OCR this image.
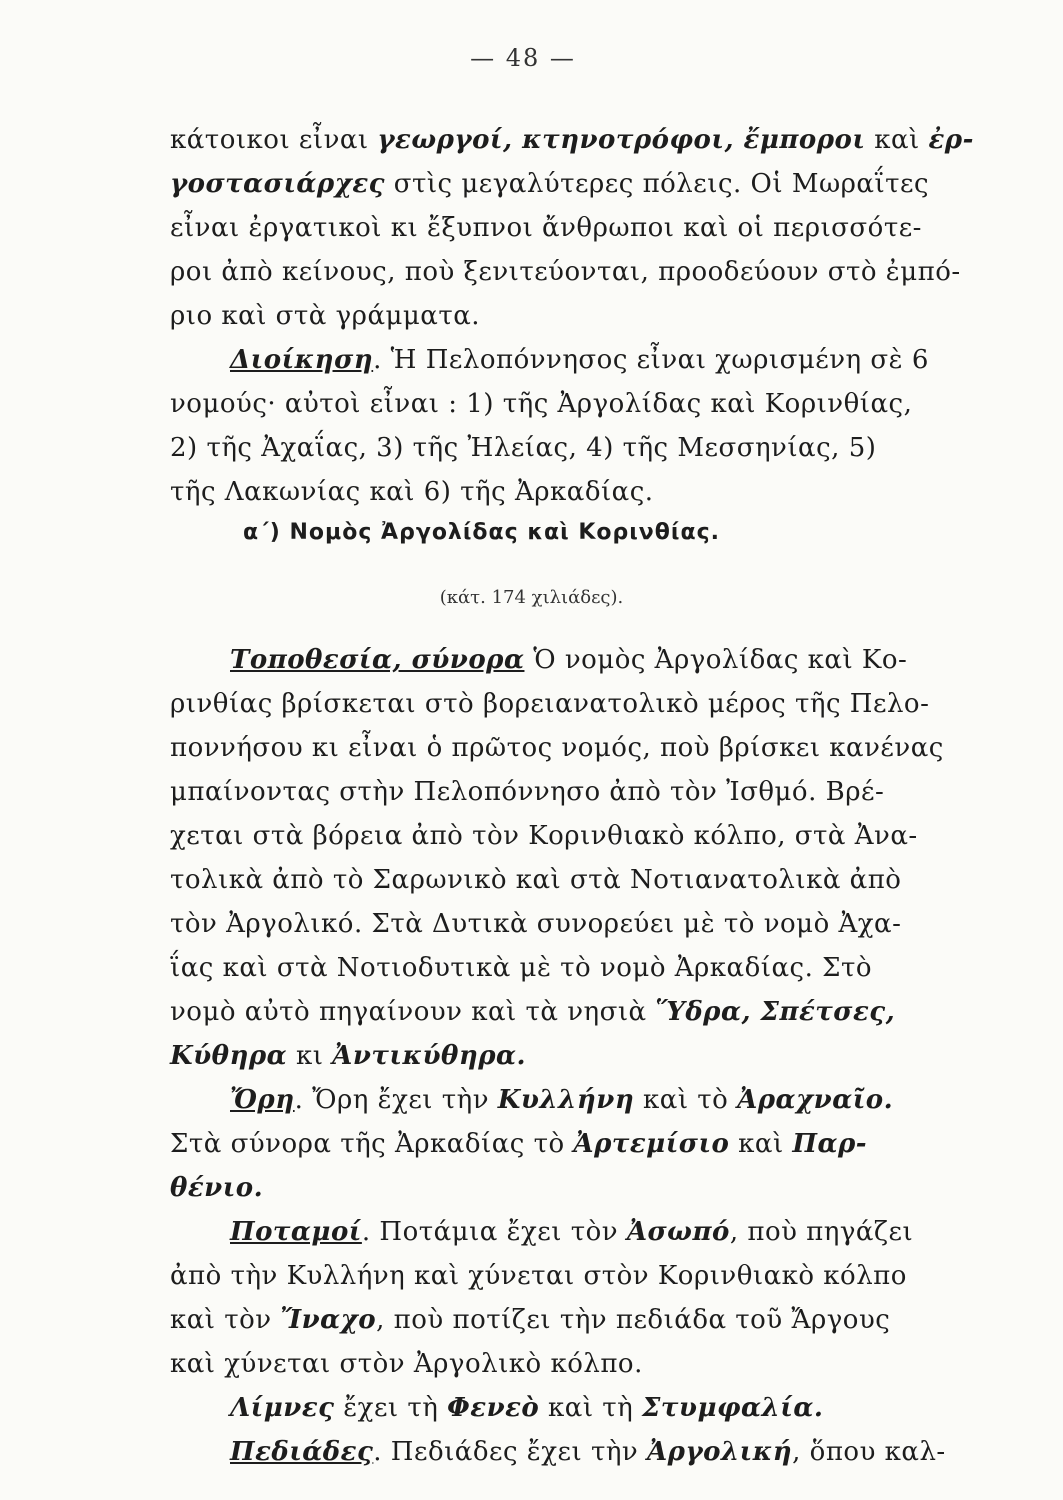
— 48 —
κάτοικοι εἶναι γεωργοί, κτηνοτρόφοι, ἔμποροι καὶ ἐρ-
γοστασιάρχες στὶς μεγαλύτερες πόλεις. Οἱ Μωραΐτες
εἶναι ἐργατικοὶ κι ἔξυπνοι ἄνθρωποι καὶ οἱ περισσότε-
ροι ἀπὸ κείνους, ποὺ ξενιτεύονται, προοδεύουν στὸ ἐμπό-
ριο καὶ στὰ γράμματα.
Διοίκηση. Ἡ Πελοπόννησος εἶναι χωρισμένη σὲ 6
νομούς· αὐτοὶ εἶναι : 1) τῆς Ἀργολίδας καὶ Κορινθίας,
2) τῆς Ἀχαΐας, 3) τῆς Ἠλείας, 4) τῆς Μεσσηνίας, 5)
τῆς Λακωνίας καὶ 6) τῆς Ἀρκαδίας.
α΄) Νομὸς Ἀργολίδας καὶ Κορινθίας.
(κάτ. 174 χιλιάδες).
Τοποθεσία, σύνορα Ὁ νομὸς Ἀργολίδας καὶ Κο-
ρινθίας βρίσκεται στὸ βορειανατολικὸ μέρος τῆς Πελο-
ποννήσου κι εἶναι ὁ πρῶτος νομός, ποὺ βρίσκει κανένας
μπαίνοντας στὴν Πελοπόννησο ἀπὸ τὸν Ἰσθμό. Βρέ-
χεται στὰ βόρεια ἀπὸ τὸν Κορινθιακὸ κόλπο, στὰ Ἀνα-
τολικὰ ἀπὸ τὸ Σαρωνικὸ καὶ στὰ Νοτιανατολικὰ ἀπὸ
τὸν Ἀργολικό. Στὰ Δυτικὰ συνορεύει μὲ τὸ νομὸ Ἀχα-
ΐας καὶ στὰ Νοτιοδυτικὰ μὲ τὸ νομὸ Ἀρκαδίας. Στὸ
νομὸ αὐτὸ πηγαίνουν καὶ τὰ νησιὰ Ὕδρα, Σπέτσες,
Κύθηρα κι Ἀντικύθηρα.
Ὄρη. Ὄρη ἔχει τὴν Κυλλήνη καὶ τὸ Ἀραχναῖο.
Στὰ σύνορα τῆς Ἀρκαδίας τὸ Ἀρτεμίσιο καὶ Παρ-
θένιο.
Ποταμοί. Ποτάμια ἔχει τὸν Ἀσωπό, ποὺ πηγάζει
ἀπὸ τὴν Κυλλήνη καὶ χύνεται στὸν Κορινθιακὸ κόλπο
καὶ τὸν Ἴναχο, ποὺ ποτίζει τὴν πεδιάδα τοῦ Ἄργους
καὶ χύνεται στὸν Ἀργολικὸ κόλπο.
Λίμνες ἔχει τὴ Φενεὸ καὶ τὴ Στυμφαλία.
Πεδιάδες. Πεδιάδες ἔχει τὴν Ἀργολική, ὅπου καλ-
